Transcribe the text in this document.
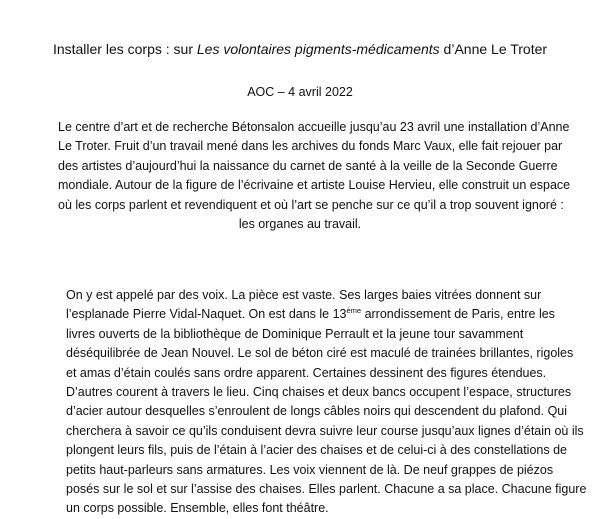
Installer les corps : sur Les volontaires pigments-médicaments d’Anne Le Troter
AOC – 4 avril 2022

Le centre d’art et de recherche Bétonsalon accueille jusqu’au 23 avril une installation d’Anne
Le Troter. Fruit d’un travail mené dans les archives du fonds Marc Vaux, elle fait rejouer par
des artistes d’aujourd’hui la naissance du carnet de santé à la veille de la Seconde Guerre
mondiale. Autour de la figure de l’écrivaine et artiste Louise Hervieu, elle construit un espace
où les corps parlent et revendiquent et où l’art se penche sur ce qu’il a trop souvent ignoré :
les organes au travail.

On y est appelé par des voix. La pièce est vaste. Ses larges baies vitrées donnent sur
l’esplanade Pierre Vidal-Naquet. On est dans le 13ème arrondissement de Paris, entre les
livres ouverts de la bibliothèque de Dominique Perrault et la jeune tour savamment
déséquilibrée de Jean Nouvel. Le sol de béton ciré est maculé de trainées brillantes, rigoles
et amas d’étain coulés sans ordre apparent. Certaines dessinent des figures étendues.
D’autres courent à travers le lieu. Cinq chaises et deux bancs occupent l’espace, structures
d’acier autour desquelles s’enroulent de longs câbles noirs qui descendent du plafond. Qui
cherchera à savoir ce qu’ils conduisent devra suivre leur course jusqu’aux lignes d’étain où ils
plongent leurs fils, puis de l’étain à l’acier des chaises et de celui-ci à des constellations de
petits haut-parleurs sans armatures. Les voix viennent de là. De neuf grappes de piézos
posés sur le sol et sur l’assise des chaises. Elles parlent. Chacune a sa place. Chacune figure
un corps possible. Ensemble, elles font théâtre.
